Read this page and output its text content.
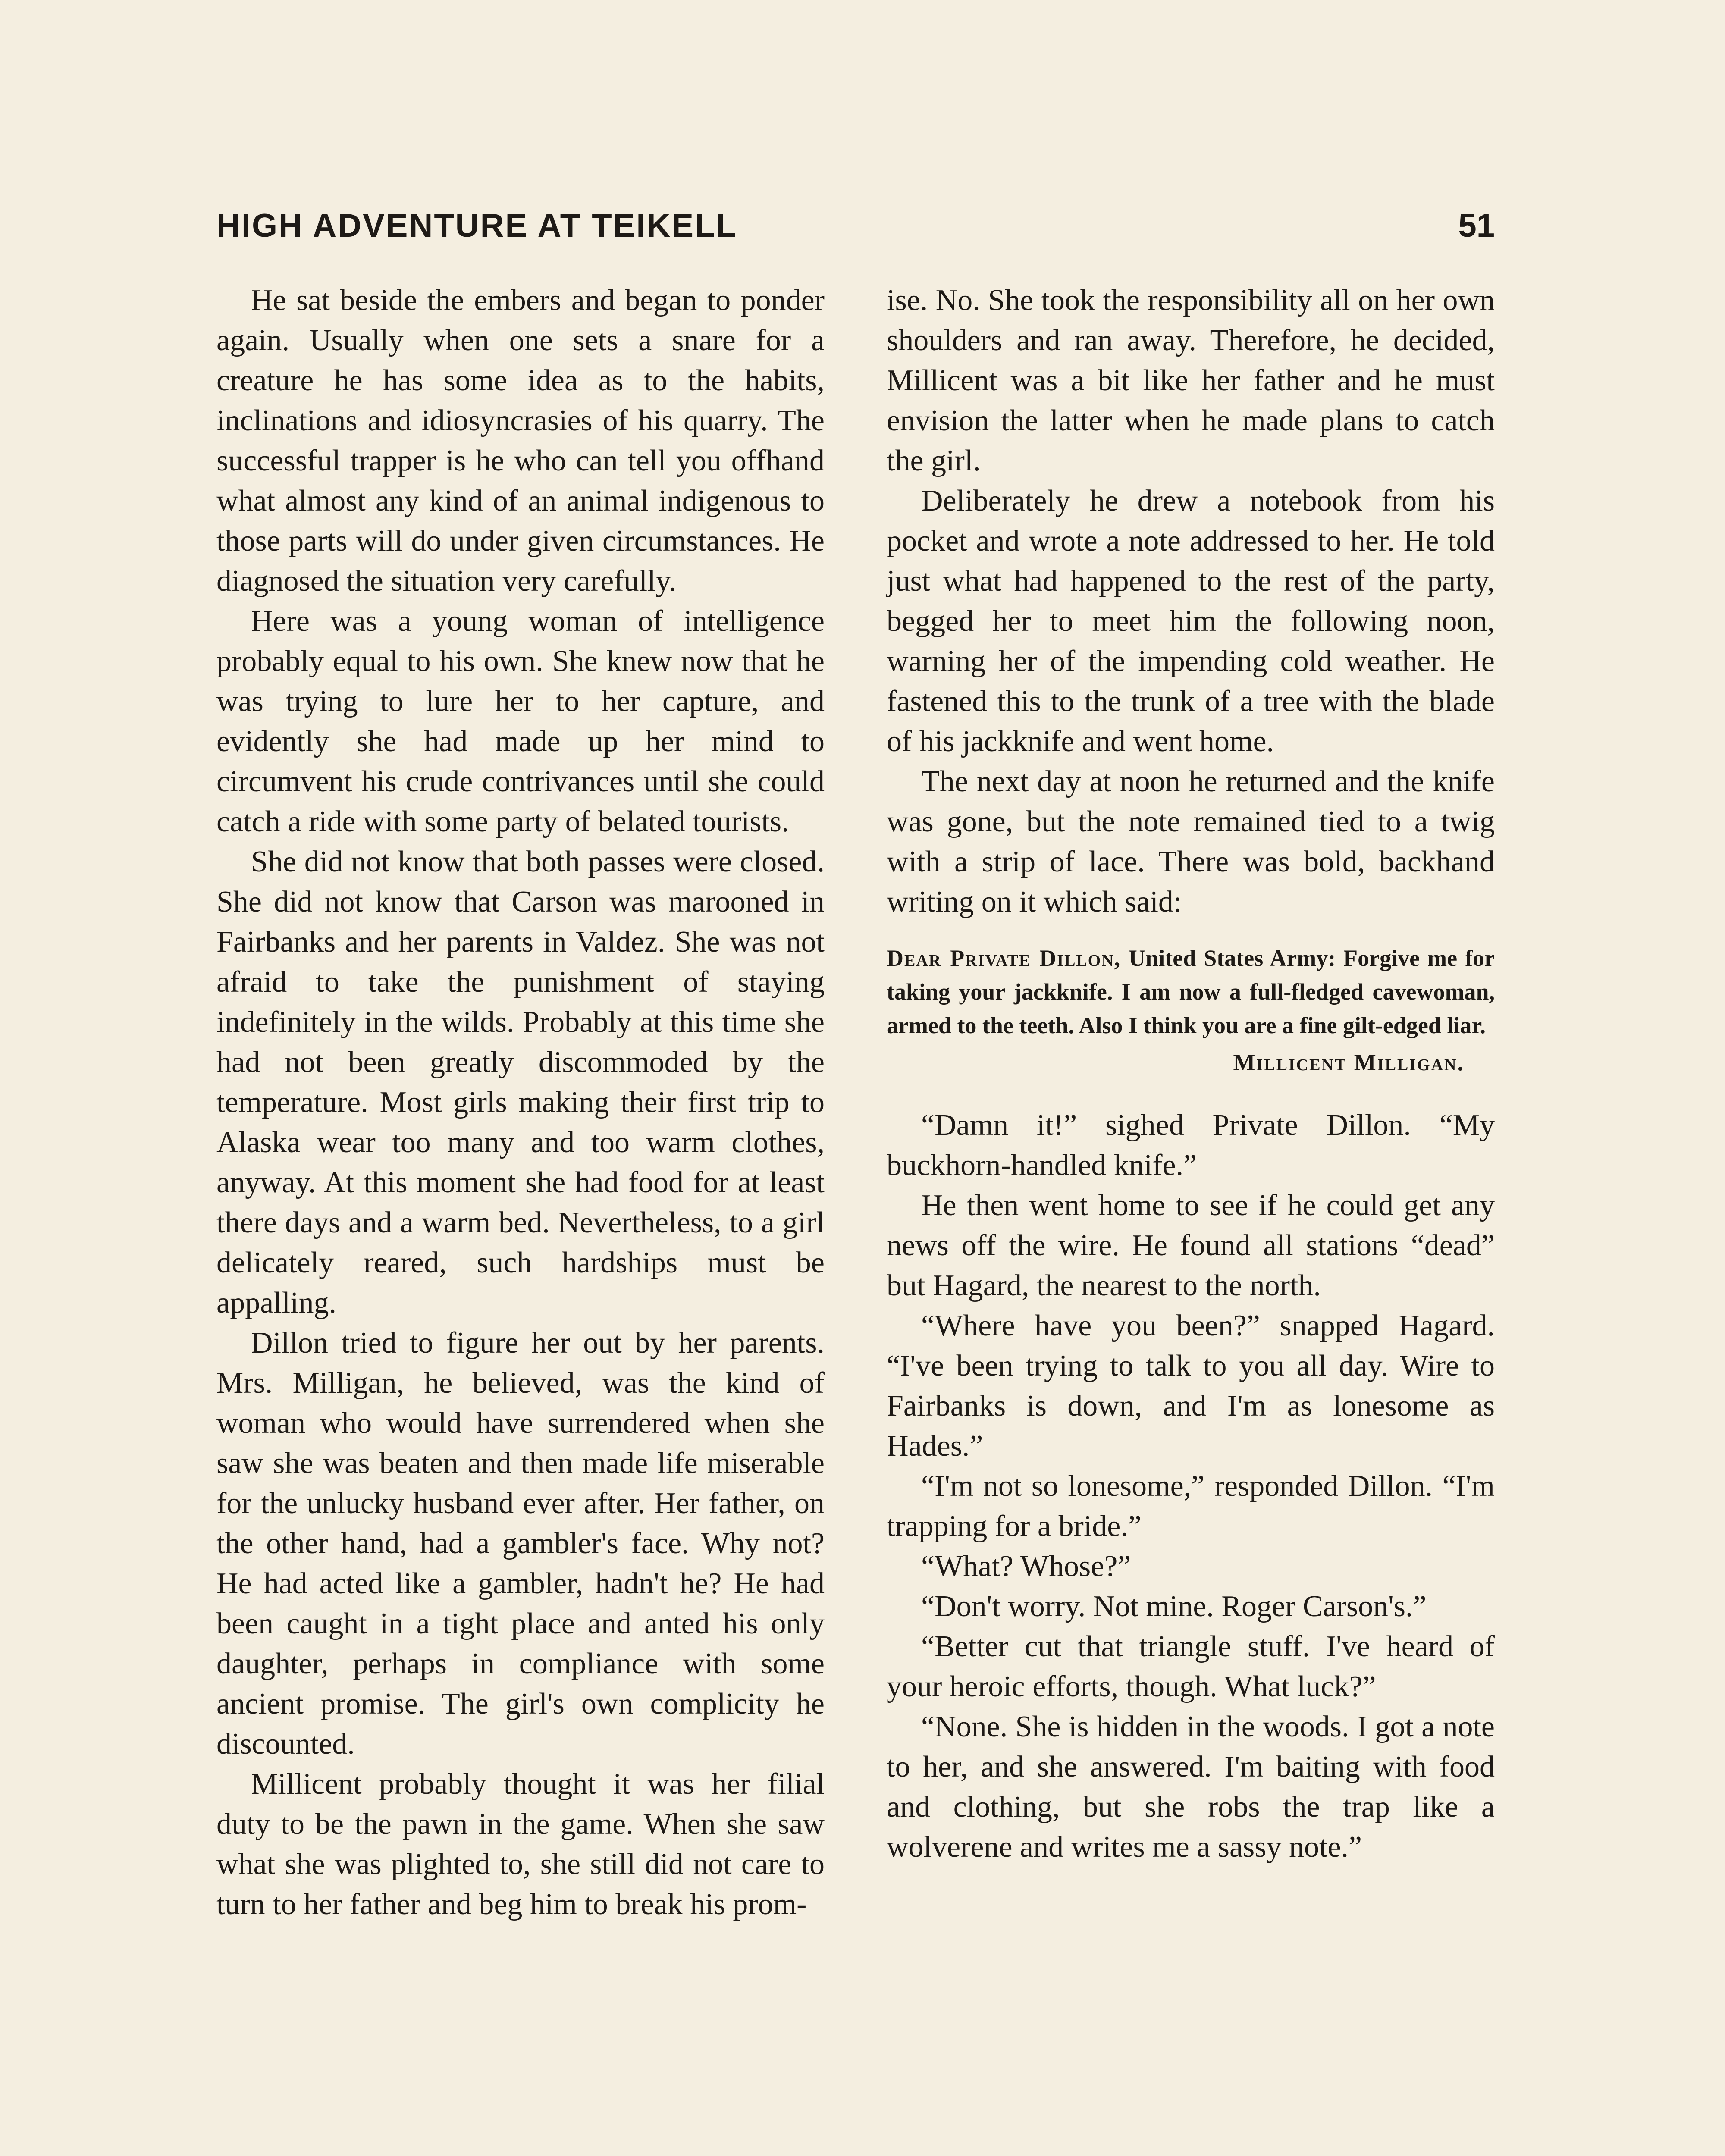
HIGH ADVENTURE AT TEIKELL	51

He sat beside the embers and began to ponder again. Usually when one sets a snare for a creature he has some idea as to the habits, inclinations and idiosyncrasies of his quarry. The successful trapper is he who can tell you offhand what almost any kind of an animal indigenous to those parts will do under given circumstances. He diagnosed the situation very carefully.

Here was a young woman of intelligence probably equal to his own. She knew now that he was trying to lure her to her capture, and evidently she had made up her mind to circumvent his crude contrivances until she could catch a ride with some party of belated tourists.

She did not know that both passes were closed. She did not know that Carson was marooned in Fairbanks and her parents in Valdez. She was not afraid to take the punishment of staying indefinitely in the wilds. Probably at this time she had not been greatly discommoded by the temperature. Most girls making their first trip to Alaska wear too many and too warm clothes, anyway. At this moment she had food for at least there days and a warm bed. Nevertheless, to a girl delicately reared, such hardships must be appalling.

Dillon tried to figure her out by her parents. Mrs. Milligan, he believed, was the kind of woman who would have surrendered when she saw she was beaten and then made life miserable for the unlucky husband ever after. Her father, on the other hand, had a gambler's face. Why not? He had acted like a gambler, hadn't he? He had been caught in a tight place and anted his only daughter, perhaps in compliance with some ancient promise. The girl's own complicity he discounted.

Millicent probably thought it was her filial duty to be the pawn in the game. When she saw what she was plighted to, she still did not care to turn to her father and beg him to break his prom-

ise. No. She took the responsibility all on her own shoulders and ran away. Therefore, he decided, Millicent was a bit like her father and he must envision the latter when he made plans to catch the girl.

Deliberately he drew a notebook from his pocket and wrote a note addressed to her. He told just what had happened to the rest of the party, begged her to meet him the following noon, warning her of the impending cold weather. He fastened this to the trunk of a tree with the blade of his jackknife and went home.

The next day at noon he returned and the knife was gone, but the note remained tied to a twig with a strip of lace. There was bold, backhand writing on it which said:

Dear Private Dillon, United States Army: Forgive me for taking your jackknife. I am now a full-fledged cavewoman, armed to the teeth. Also I think you are a fine gilt-edged liar.
Millicent Milligan.

“Damn it!” sighed Private Dillon. “My buckhorn-handled knife.”

He then went home to see if he could get any news off the wire. He found all stations “dead” but Hagard, the nearest to the north.

“Where have you been?” snapped Hagard. “I've been trying to talk to you all day. Wire to Fairbanks is down, and I'm as lonesome as Hades.”

“I'm not so lonesome,” responded Dillon. “I'm trapping for a bride.”

“What? Whose?”

“Don't worry. Not mine. Roger Carson's.”

“Better cut that triangle stuff. I've heard of your heroic efforts, though. What luck?”

“None. She is hidden in the woods. I got a note to her, and she answered. I'm baiting with food and clothing, but she robs the trap like a wolverene and writes me a sassy note.”
